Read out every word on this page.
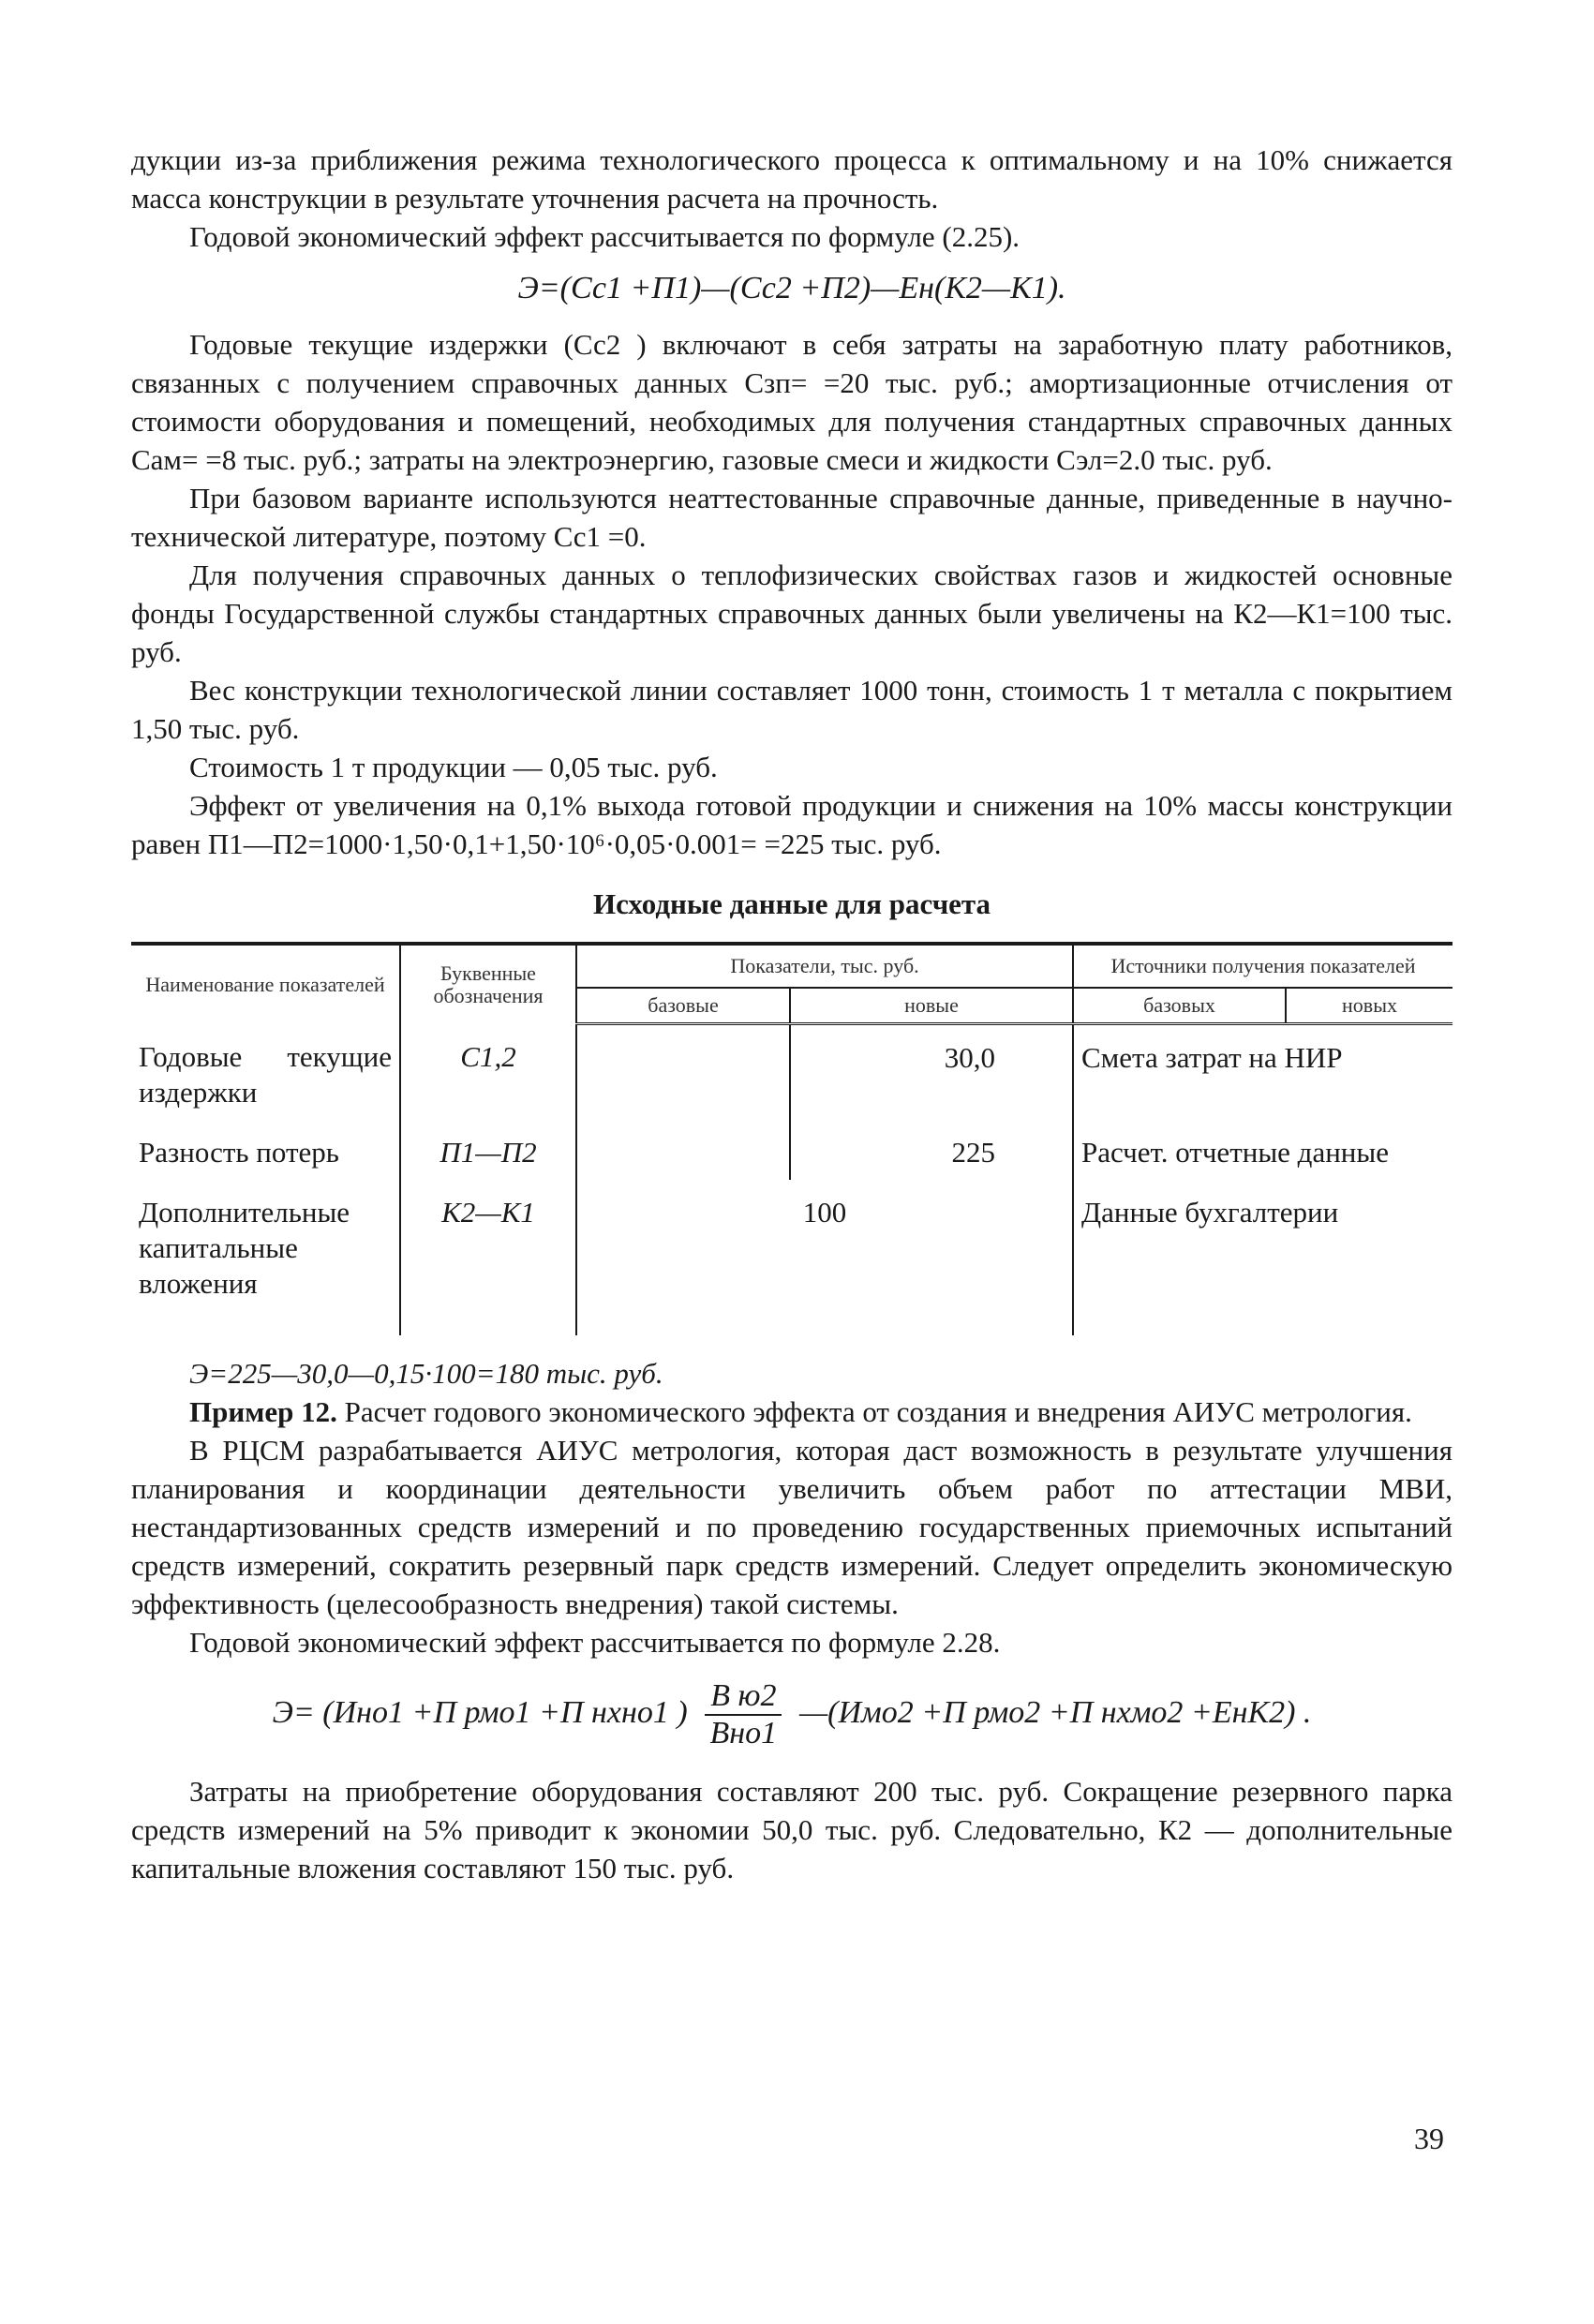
дукции из-за приближения режима технологического процесса к оптимальному и на 10% снижается масса конструкции в результате уточнения расчета на прочность.

Годовой экономический эффект рассчитывается по формуле (2.25).

Э=(Сс1 +П1)—(Сс2 +П2)—Ен(К2—К1).

Годовые текущие издержки (Сс2 ) включают в себя затраты на заработную плату работников, связанных с получением справочных данных Сзп= =20 тыс. руб.; амортизационные отчисления от стоимости оборудования и помещений, необходимых для получения стандартных справочных данных Сам= =8 тыс. руб.; затраты на электроэнергию, газовые смеси и жидкости Сэл=2.0 тыс. руб.

При базовом варианте используются неаттестованные справочные данные, приведенные в научно-технической литературе, поэтому Сс1 =0.

Для получения справочных данных о теплофизических свойствах газов и жидкостей основные фонды Государственной службы стандартных справочных данных были увеличены на К2—К1=100 тыс. руб.

Вес конструкции технологической линии составляет 1000 тонн, стоимость 1 т металла с покрытием 1,50 тыс. руб.

Стоимость 1 т продукции — 0,05 тыс. руб.

Эффект от увеличения на 0,1% выхода готовой продукции и снижения на 10% массы конструкции равен П1—П2=1000·1,50·0,1+1,50·10⁶·0,05·0.001= =225 тыс. руб.

Исходные данные для расчета
Наименование показателей	Буквенные обозначения	Показатели, тыс. руб.		Источники получения показателей	
		базовые	новые	базовых	новых
Годовые текущие издержки	С1,2		30,0	Смета затрат на НИР	
Разность потерь	П1—П2		225	Расчет. отчетные данные	
Дополнительные капитальные вложения	К2—К1	100		Данные бухгалтерии	

Э=225—30,0—0,15·100=180 тыс. руб.

Пример 12. Расчет годового экономического эффекта от создания и внедрения АИУС метрология.

В РЦСМ разрабатывается АИУС метрология, которая даст возможность в результате улучшения планирования и координации деятельности увеличить объем работ по аттестации МВИ, нестандартизованных средств измерений и по проведению государственных приемочных испытаний средств измерений, сократить резервный парк средств измерений. Следует определить экономическую эффективность (целесообразность внедрения) такой системы.

Годовой экономический эффект рассчитывается по формуле 2.28.

Э= (Ино1 +П рмо1 +П нхно1 ) $\frac{\text{В ю2}}{\text{Вно1}}$ —(Имо2 +П рмо2 +П нхмо2 +ЕнК2) .

Затраты на приобретение оборудования составляют 200 тыс. руб. Сокращение резервного парка средств измерений на 5% приводит к экономии 50,0 тыс. руб. Следовательно, К2 — дополнительные капитальные вложения составляют 150 тыс. руб.

39
